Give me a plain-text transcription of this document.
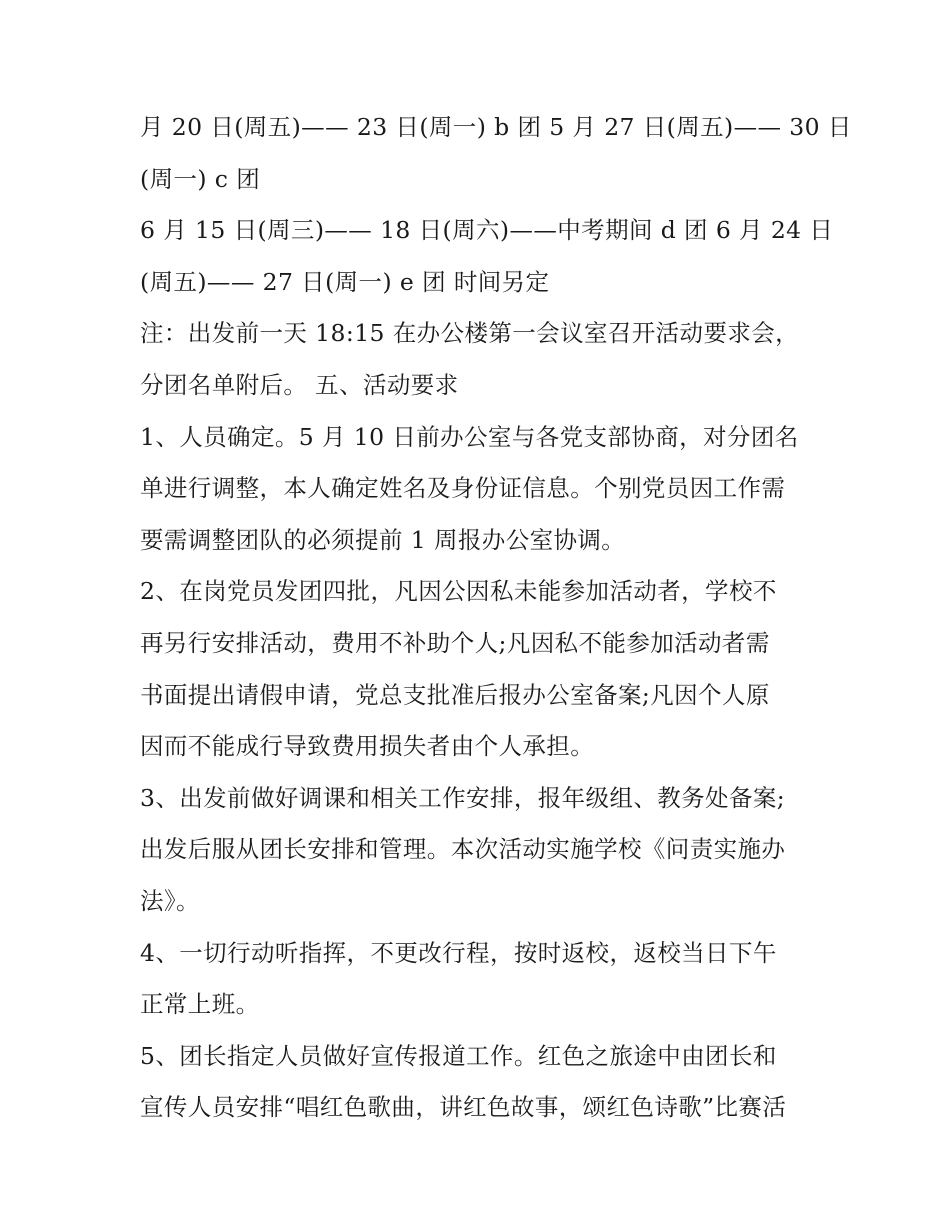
月 20 日(周五)—— 23 日(周一) b 团 5 月 27 日(周五)—— 30 日
(周一) c 团
6 月 15 日(周三)—— 18 日(周六)——中考期间 d 团 6 月 24 日
(周五)—— 27 日(周一) e 团 时间另定
注：出发前一天 18:15 在办公楼第一会议室召开活动要求会，
分团名单附后。 五、活动要求
1、人员确定。5 月 10 日前办公室与各党支部协商，对分团名
单进行调整，本人确定姓名及身份证信息。个别党员因工作需
要需调整团队的必须提前 1 周报办公室协调。
2、在岗党员发团四批，凡因公因私未能参加活动者，学校不
再另行安排活动，费用不补助个人;凡因私不能参加活动者需
书面提出请假申请，党总支批准后报办公室备案;凡因个人原
因而不能成行导致费用损失者由个人承担。
3、出发前做好调课和相关工作安排，报年级组、教务处备案;
出发后服从团长安排和管理。本次活动实施学校《问责实施办
法》。
4、一切行动听指挥，不更改行程，按时返校，返校当日下午
正常上班。
5、团长指定人员做好宣传报道工作。红色之旅途中由团长和
宣传人员安排“唱红色歌曲，讲红色故事，颂红色诗歌”比赛活
